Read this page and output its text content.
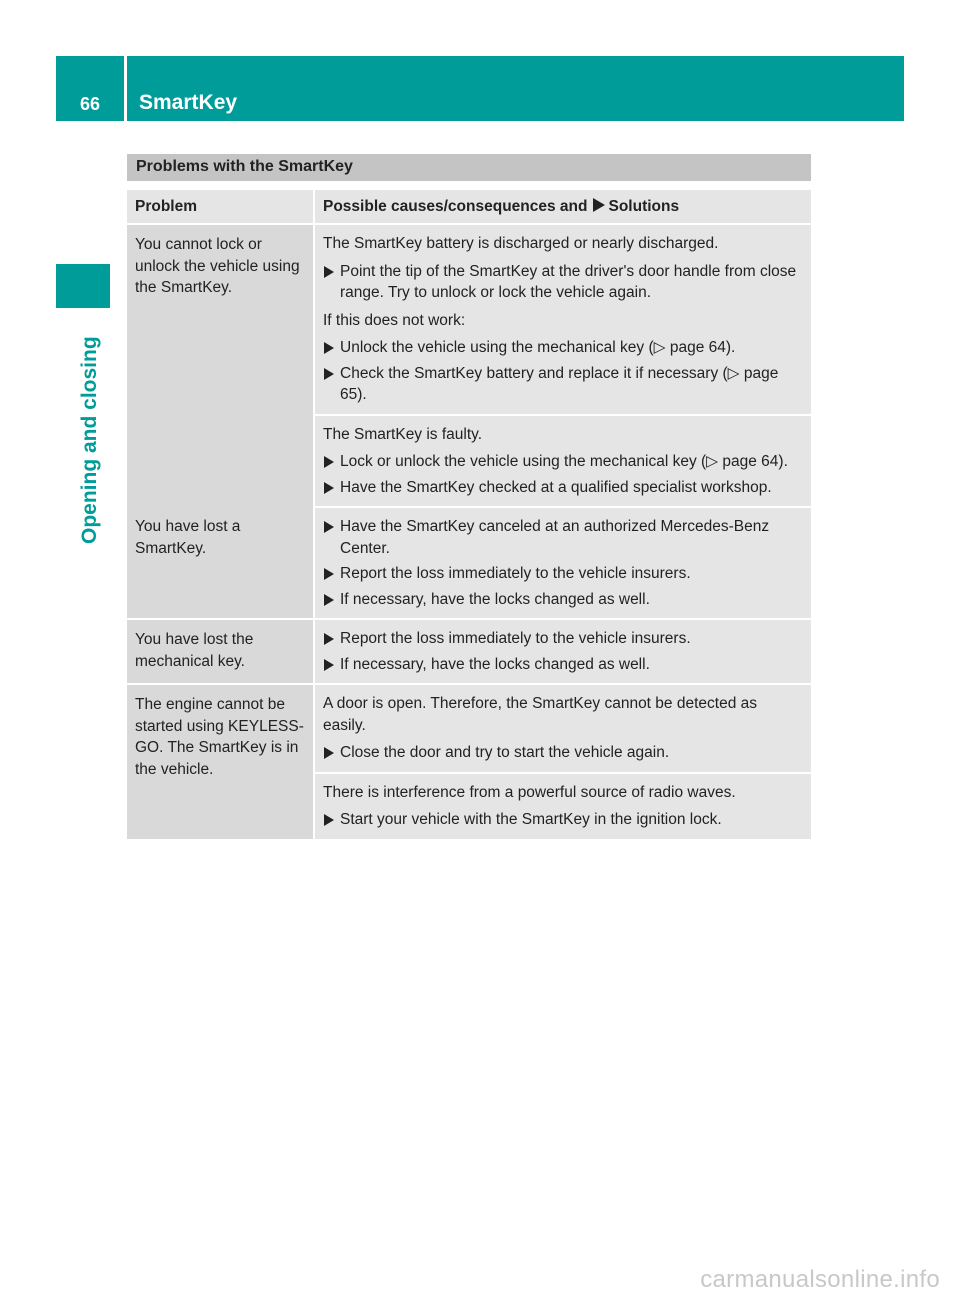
66	SmartKey
Opening and closing
Problems with the SmartKey
Problem	Possible causes/consequences and Solutions
You cannot lock or unlock the vehicle using the SmartKey.	The SmartKey battery is discharged or nearly discharged.
Point the tip of the SmartKey at the driver's door handle from close range. Try to unlock or lock the vehicle again.
If this does not work:
Unlock the vehicle using the mechanical key (▷ page 64).
Check the SmartKey battery and replace it if necessary (▷ page 65).

	The SmartKey is faulty.
Lock or unlock the vehicle using the mechanical key (▷ page 64).
Have the SmartKey checked at a qualified specialist workshop.

You have lost a SmartKey.	Have the SmartKey canceled at an authorized Mercedes-Benz Center.
Report the loss immediately to the vehicle insurers.
If necessary, have the locks changed as well.

You have lost the mechanical key.	Report the loss immediately to the vehicle insurers.
If necessary, have the locks changed as well.

The engine cannot be started using KEYLESS-GO. The SmartKey is in the vehicle.	A door is open. Therefore, the SmartKey cannot be detected as easily.
Close the door and try to start the vehicle again.

	There is interference from a powerful source of radio waves.
Start your vehicle with the SmartKey in the ignition lock.
carmanualsonline.info
